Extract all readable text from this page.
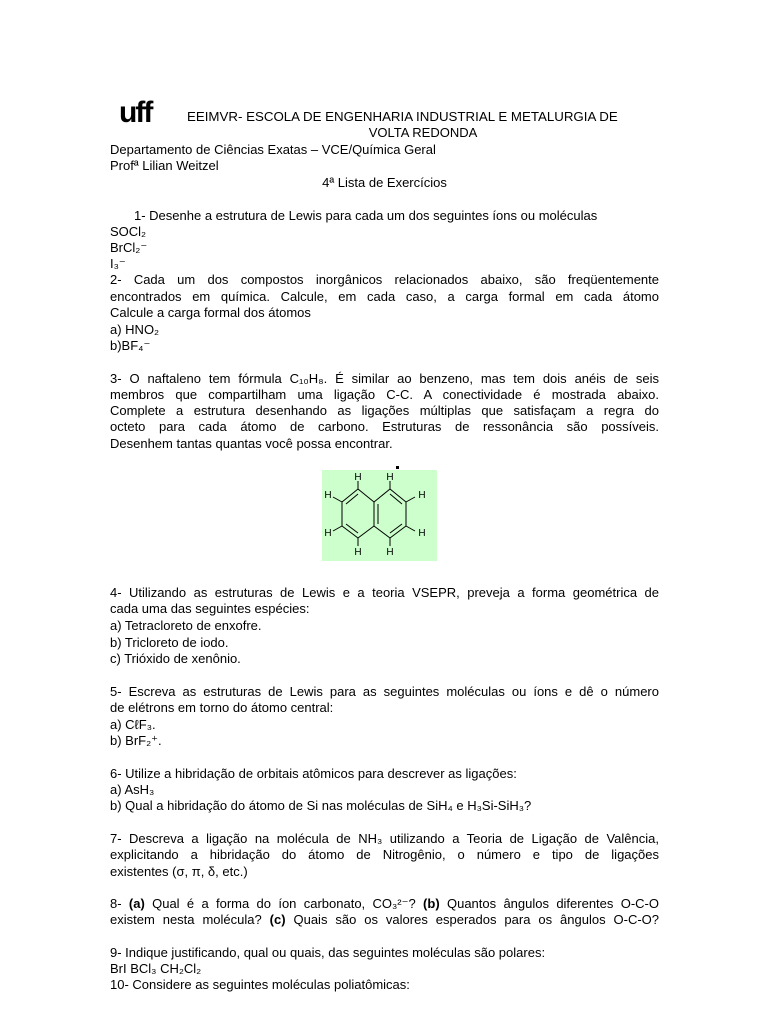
uff	EEIMVR- ESCOLA DE ENGENHARIA INDUSTRIAL E METALURGIA DE
VOLTA REDONDA
Departamento de Ciências Exatas – VCE/Química Geral
Profª Lilian Weitzel
4ª Lista de Exercícios
1- Desenhe a estrutura de Lewis para cada um dos seguintes íons ou moléculas
SOCl₂
BrCl₂⁻
I₃⁻
2- Cada um dos compostos inorgânicos relacionados abaixo, são freqüentemente
encontrados em química. Calcule, em cada caso, a carga formal em cada átomo
Calcule a carga formal dos átomos
a) HNO₂
b)BF₄⁻
3- O naftaleno tem fórmula C₁₀H₈. É similar ao benzeno, mas tem dois anéis de seis
membros que compartilham uma ligação C-C. A conectividade é mostrada abaixo.
Complete a estrutura desenhando as ligações múltiplas que satisfaçam a regra do
octeto para cada átomo de carbono. Estruturas de ressonância são possíveis.
Desenhem tantas quantas você possa encontrar.
H H
H	H
H	H
H H
4- Utilizando as estruturas de Lewis e a teoria VSEPR, preveja a forma geométrica de
cada uma das seguintes espécies:
a) Tetracloreto de enxofre.
b) Tricloreto de iodo.
c) Trióxido de xenônio.
5- Escreva as estruturas de Lewis para as seguintes moléculas ou íons e dê o número
de elétrons em torno do átomo central:
a) CℓF₃.
b) BrF₂⁺.
6- Utilize a hibridação de orbitais atômicos para descrever as ligações:
a) AsH₃
b) Qual a hibridação do átomo de Si nas moléculas de SiH₄ e H₃Si-SiH₃?
7- Descreva a ligação na molécula de NH₃ utilizando a Teoria de Ligação de Valência,
explicitando a hibridação do átomo de Nitrogênio, o número e tipo de ligações
existentes (σ, π, δ, etc.)
8- (a) Qual é a forma do íon carbonato, CO₃²⁻? (b) Quantos ângulos diferentes O-C-O
existem nesta molécula? (c) Quais são os valores esperados para os ângulos O-C-O?
9- Indique justificando, qual ou quais, das seguintes moléculas são polares:
BrI BCl₃ CH₂Cl₂
10- Considere as seguintes moléculas poliatômicas:
